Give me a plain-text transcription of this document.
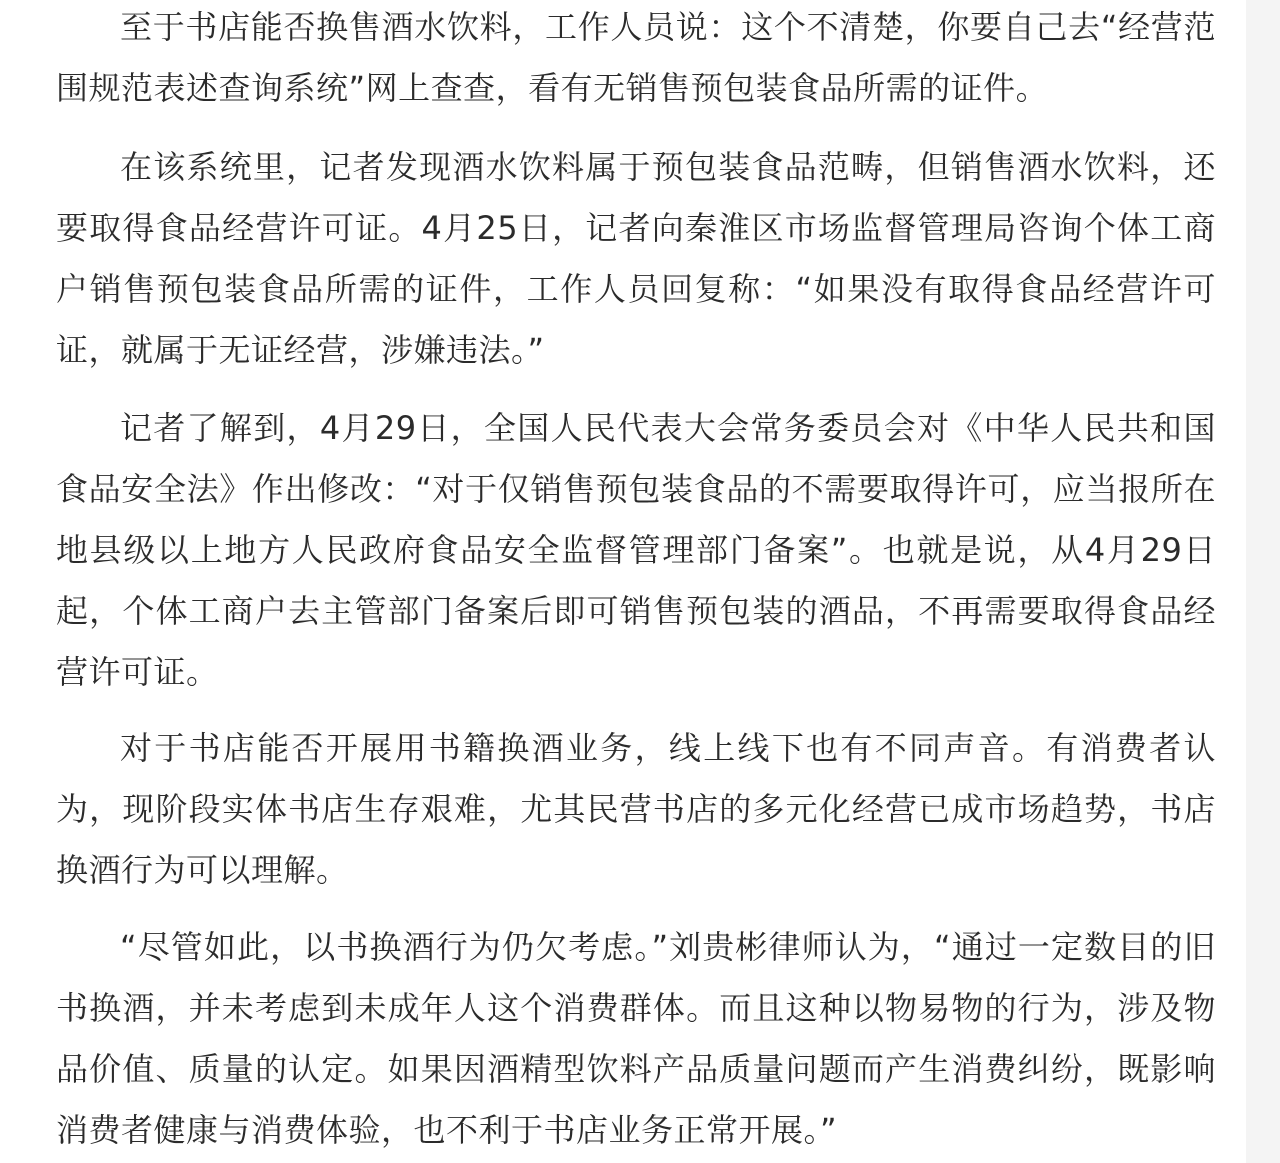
至于书店能否换售酒水饮料，工作人员说：这个不清楚，你要自己去“经营范围规范表述查询系统”网上查查，看有无销售预包装食品所需的证件。

在该系统里，记者发现酒水饮料属于预包装食品范畴，但销售酒水饮料，还要取得食品经营许可证。4月25日，记者向秦淮区市场监督管理局咨询个体工商户销售预包装食品所需的证件，工作人员回复称：“如果没有取得食品经营许可证，就属于无证经营，涉嫌违法。”

记者了解到，4月29日，全国人民代表大会常务委员会对《中华人民共和国食品安全法》作出修改：“对于仅销售预包装食品的不需要取得许可，应当报所在地县级以上地方人民政府食品安全监督管理部门备案”。也就是说，从4月29日起，个体工商户去主管部门备案后即可销售预包装的酒品，不再需要取得食品经营许可证。

对于书店能否开展用书籍换酒业务，线上线下也有不同声音。有消费者认为，现阶段实体书店生存艰难，尤其民营书店的多元化经营已成市场趋势，书店换酒行为可以理解。

“尽管如此，以书换酒行为仍欠考虑。”刘贵彬律师认为，“通过一定数目的旧书换酒，并未考虑到未成年人这个消费群体。而且这种以物易物的行为，涉及物品价值、质量的认定。如果因酒精型饮料产品质量问题而产生消费纠纷，既影响消费者健康与消费体验，也不利于书店业务正常开展。”
